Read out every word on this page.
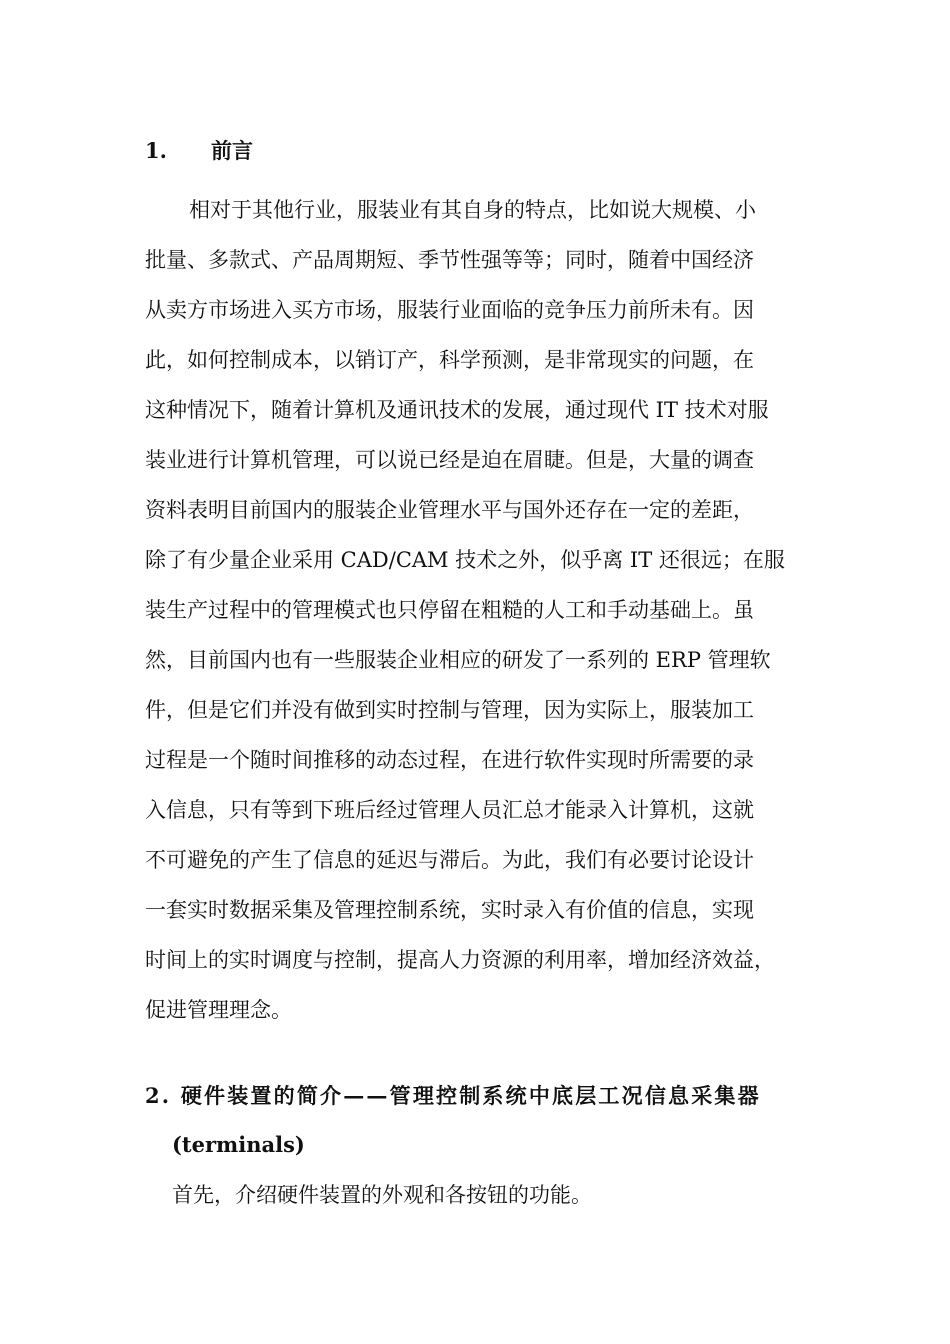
1. 前言
相对于其他行业，服装业有其自身的特点，比如说大规模、小
批量、多款式、产品周期短、季节性强等等；同时，随着中国经济
从卖方市场进入买方市场，服装行业面临的竞争压力前所未有。因
此，如何控制成本，以销订产，科学预测，是非常现实的问题，在
这种情况下，随着计算机及通讯技术的发展，通过现代 IT 技术对服
装业进行计算机管理，可以说已经是迫在眉睫。但是，大量的调查
资料表明目前国内的服装企业管理水平与国外还存在一定的差距，
除了有少量企业采用 CAD/CAM 技术之外，似乎离 IT 还很远；在服
装生产过程中的管理模式也只停留在粗糙的人工和手动基础上。虽
然，目前国内也有一些服装企业相应的研发了一系列的 ERP 管理软
件，但是它们并没有做到实时控制与管理，因为实际上，服装加工
过程是一个随时间推移的动态过程，在进行软件实现时所需要的录
入信息，只有等到下班后经过管理人员汇总才能录入计算机，这就
不可避免的产生了信息的延迟与滞后。为此，我们有必要讨论设计
一套实时数据采集及管理控制系统，实时录入有价值的信息，实现
时间上的实时调度与控制，提高人力资源的利用率，增加经济效益，
促进管理理念。
2. 硬件装置的简介——管理控制系统中底层工况信息采集器
(terminals)
首先，介绍硬件装置的外观和各按钮的功能。
